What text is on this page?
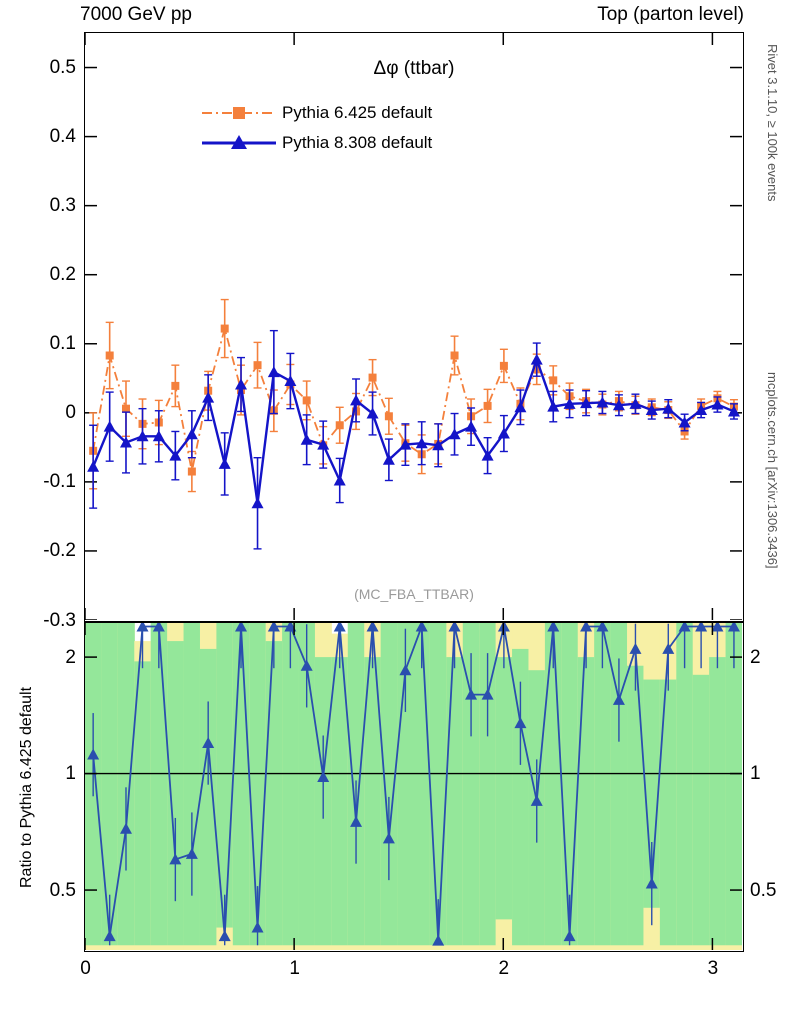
7000 GeV pp	Top (parton level)
Rivet 3.1.10, ≥ 100k events
mcplots.cern.ch [arXiv:1306.3436]
Δφ (ttbar)
(MC_FBA_TTBAR)
Pythia 6.425 default
Pythia 8.308 default
Ratio to Pythia 6.425 default
-0.3
-0.2
-0.1
0
0.1
0.2
0.3
0.4
0.5
0.5	0.5
1	1
2	2
0	1	2	3
